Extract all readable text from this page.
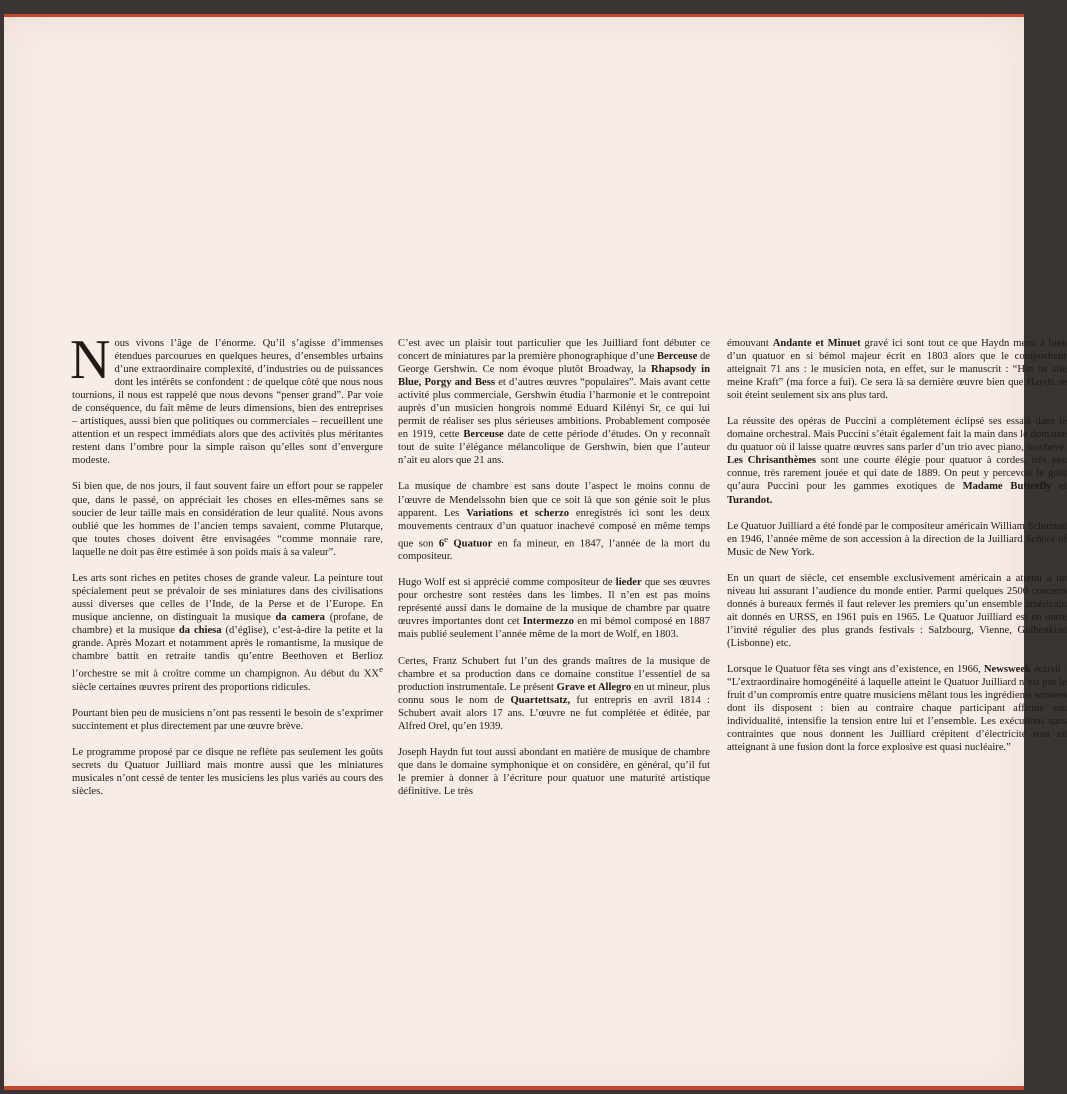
Nous vivons l’âge de l’énorme. Qu’il s’agisse d’immenses étendues parcourues en quelques heures, d’ensembles urbains d’une extraordinaire complexité, d’industries ou de puissances dont les intérêts se confondent : de quelque côté que nous nous tournions, il nous est rappelé que nous devons “penser grand”. Par voie de conséquence, du fait même de leurs dimensions, bien des entreprises – artistiques, aussi bien que politiques ou commerciales – recueillent une attention et un respect immédiats alors que des activités plus méritantes restent dans l’ombre pour la simple raison qu’elles sont d’envergure modeste.

Si bien que, de nos jours, il faut souvent faire un effort pour se rappeler que, dans le passé, on appréciait les choses en elles-mêmes sans se soucier de leur taille mais en considération de leur qualité. Nous avons oublié que les hommes de l’ancien temps savaient, comme Plutarque, que toutes choses doivent être envisagées “comme monnaie rare, laquelle ne doit pas être estimée à son poids mais à sa valeur”.

Les arts sont riches en petites choses de grande valeur. La peinture tout spécialement peut se prévaloir de ses miniatures dans des civilisations aussi diverses que celles de l’Inde, de la Perse et de l’Europe. En musique ancienne, on distinguait la musique da camera (profane, de chambre) et la musique da chiesa (d’église), c’est-à-dire la petite et la grande. Après Mozart et notamment après le romantisme, la musique de chambre battit en retraite tandis qu’entre Beethoven et Berlioz l’orchestre se mit à croître comme un champignon. Au début du XXe siècle certaines œuvres prirent des proportions ridicules.

Pourtant bien peu de musiciens n’ont pas ressenti le besoin de s’exprimer succintement et plus directement par une œuvre brève.

Le programme proposé par ce disque ne reflète pas seulement les goûts secrets du Quatuor Juilliard mais montre aussi que les miniatures musicales n’ont cessé de tenter les musiciens les plus variés au cours des siècles.

C’est avec un plaisir tout particulier que les Juilliard font débuter ce concert de miniatures par la première phonographique d’une Berceuse de George Gershwin. Ce nom évoque plutôt Broadway, la Rhapsody in Blue, Porgy and Bess et d’autres œuvres “populaires”. Mais avant cette activité plus commerciale, Gershwin étudia l’harmonie et le contrepoint auprès d’un musicien hongrois nommé Eduard Kilényi Sr, ce qui lui permit de réaliser ses plus sérieuses ambitions. Probablement composée en 1919, cette Berceuse date de cette période d’études. On y reconnaît tout de suite l’élégance mélancolique de Gershwin, bien que l’auteur n’ait eu alors que 21 ans.

La musique de chambre est sans doute l’aspect le moins connu de l’œuvre de Mendelssohn bien que ce soit là que son génie soit le plus apparent. Les Variations et scherzo enregistrés ici sont les deux mouvements centraux d’un quatuor inachevé composé en même temps que son 6e Quatuor en fa mineur, en 1847, l’année de la mort du compositeur.

Hugo Wolf est si apprécié comme compositeur de lieder que ses œuvres pour orchestre sont restées dans les limbes. Il n’en est pas moins représenté aussi dans le domaine de la musique de chambre par quatre œuvres importantes dont cet Intermezzo en mi bémol composé en 1887 mais publié seulement l’année même de la mort de Wolf, en 1803.

Certes, Franz Schubert fut l’un des grands maîtres de la musique de chambre et sa production dans ce domaine constitue l’essentiel de sa production instrumentale. Le présent Grave et Allegro en ut mineur, plus connu sous le nom de Quartettsatz, fut entrepris en avril 1814 : Schubert avait alors 17 ans. L’œuvre ne fut complétée et éditée, par Alfred Orel, qu’en 1939.

Joseph Haydn fut tout aussi abondant en matière de musique de chambre que dans le domaine symphonique et on considère, en général, qu’il fut le premier à donner à l’écriture pour quatuor une maturité artistique définitive. Le très

émouvant Andante et Minuet gravé ici sont tout ce que Haydn mena à bien d’un quatuor en si bémol majeur écrit en 1803 alors que le compositeur atteignait 71 ans : le musicien nota, en effet, sur le manuscrit : “Hin ist alle meine Kraft” (ma force a fui). Ce sera là sa dernière œuvre bien que Haydn se soit éteint seulement six ans plus tard.

La réussite des opéras de Puccini a complètement éclipsé ses essais dans le domaine orchestral. Mais Puccini s’était également fait la main dans le domaine du quatuor où il laisse quatre œuvres sans parler d’un trio avec piano, inachevé. Les Chrisanthèmes sont une courte élégie pour quatuor à cordes, très peu connue, très rarement jouée et qui date de 1889. On peut y percevoir le goût qu’aura Puccini pour les gammes exotiques de Madame Butterfly et Turandot.

Le Quatuor Juilliard a été fondé par le compositeur américain William Schuman en 1946, l’année même de son accession à la direction de la Juilliard School of Music de New York.

En un quart de siècle, cet ensemble exclusivement américain a atteint à un niveau lui assurant l’audience du monde entier. Parmi quelques 2500 concerts donnés à bureaux fermés il faut relever les premiers qu’un ensemble américain ait donnés en URSS, en 1961 puis en 1965. Le Quatuor Juilliard est en outre l’invité régulier des plus grands festivals : Salzbourg, Vienne, Gulbenkian (Lisbonne) etc.

Lorsque le Quatuor fêta ses vingt ans d’existence, en 1966, Newsweek écrivit : “L’extraordinaire homogénéité à laquelle atteint le Quatuor Juilliard n’est pas le fruit d’un compromis entre quatre musiciens mêlant tous les ingrédients sonores dont ils disposent : bien au contraire chaque participant affirme son individualité, intensifie la tension entre lui et l’ensemble. Les exécutions sans contraintes que nous donnent les Juilliard crépitent d’électricité tout en atteignant à une fusion dont la force explosive est quasi nucléaire.”
